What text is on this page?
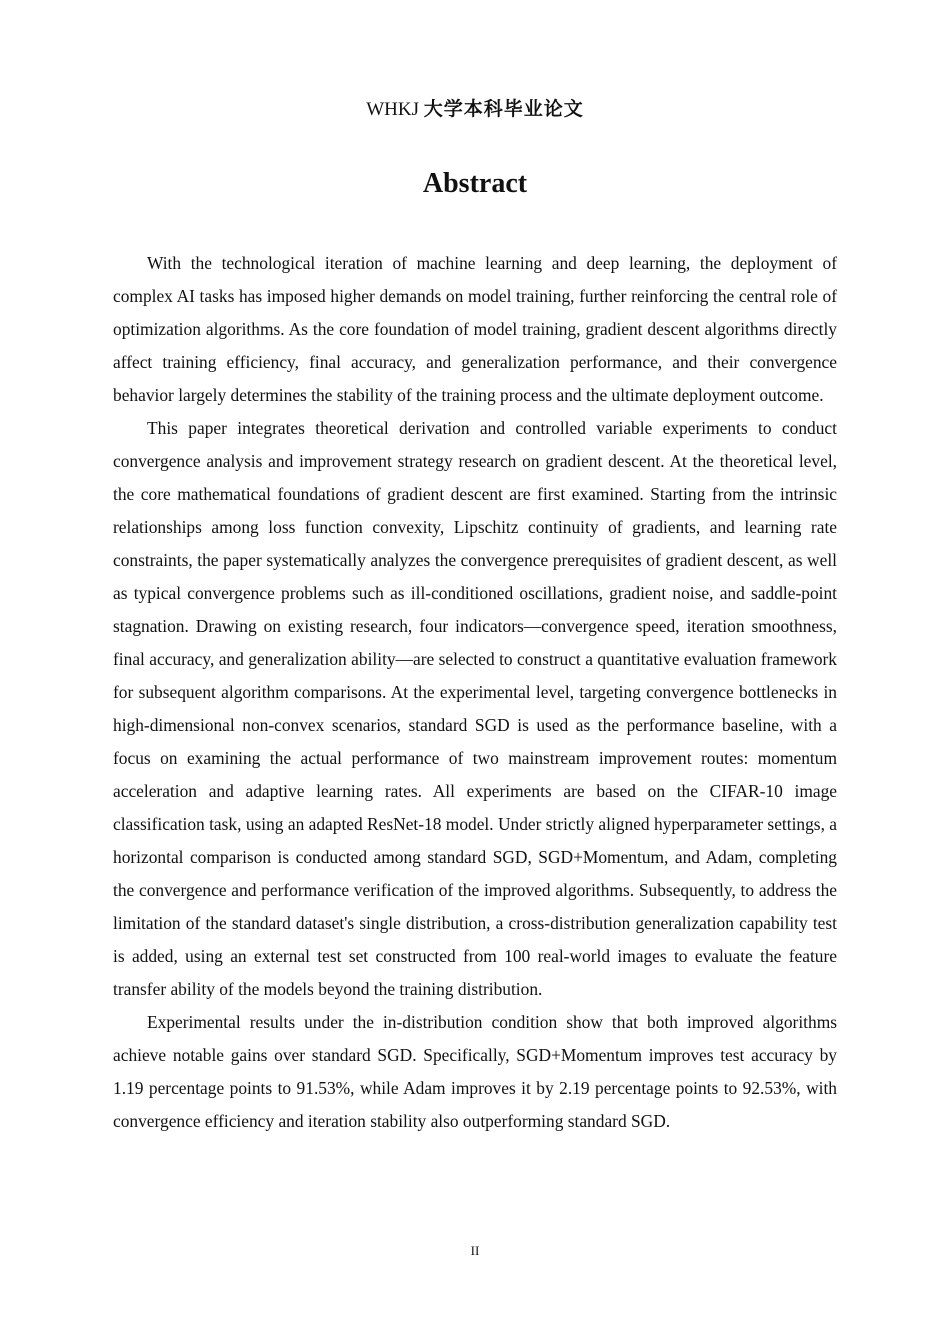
WHKJ 大学本科毕业论文
Abstract

With the technological iteration of machine learning and deep learning, the deployment of complex AI tasks has imposed higher demands on model training, further reinforcing the central role of optimization algorithms. As the core foundation of model training, gradient descent algorithms directly affect training efficiency, final accuracy, and generalization performance, and their convergence behavior largely determines the stability of the training process and the ultimate deployment outcome.

This paper integrates theoretical derivation and controlled variable experiments to conduct convergence analysis and improvement strategy research on gradient descent. At the theoretical level, the core mathematical foundations of gradient descent are first examined. Starting from the intrinsic relationships among loss function convexity, Lipschitz continuity of gradients, and learning rate constraints, the paper systematically analyzes the convergence prerequisites of gradient descent, as well as typical convergence problems such as ill-conditioned oscillations, gradient noise, and saddle-point stagnation. Drawing on existing research, four indicators—convergence speed, iteration smoothness, final accuracy, and generalization ability—are selected to construct a quantitative evaluation framework for subsequent algorithm comparisons. At the experimental level, targeting convergence bottlenecks in high-dimensional non-convex scenarios, standard SGD is used as the performance baseline, with a focus on examining the actual performance of two mainstream improvement routes: momentum acceleration and adaptive learning rates. All experiments are based on the CIFAR-10 image classification task, using an adapted ResNet-18 model. Under strictly aligned hyperparameter settings, a horizontal comparison is conducted among standard SGD, SGD+Momentum, and Adam, completing the convergence and performance verification of the improved algorithms. Subsequently, to address the limitation of the standard dataset's single distribution, a cross-distribution generalization capability test is added, using an external test set constructed from 100 real-world images to evaluate the feature transfer ability of the models beyond the training distribution.

Experimental results under the in-distribution condition show that both improved algorithms achieve notable gains over standard SGD. Specifically, SGD+Momentum improves test accuracy by 1.19 percentage points to 91.53%, while Adam improves it by 2.19 percentage points to 92.53%, with convergence efficiency and iteration stability also outperforming standard SGD.

II
